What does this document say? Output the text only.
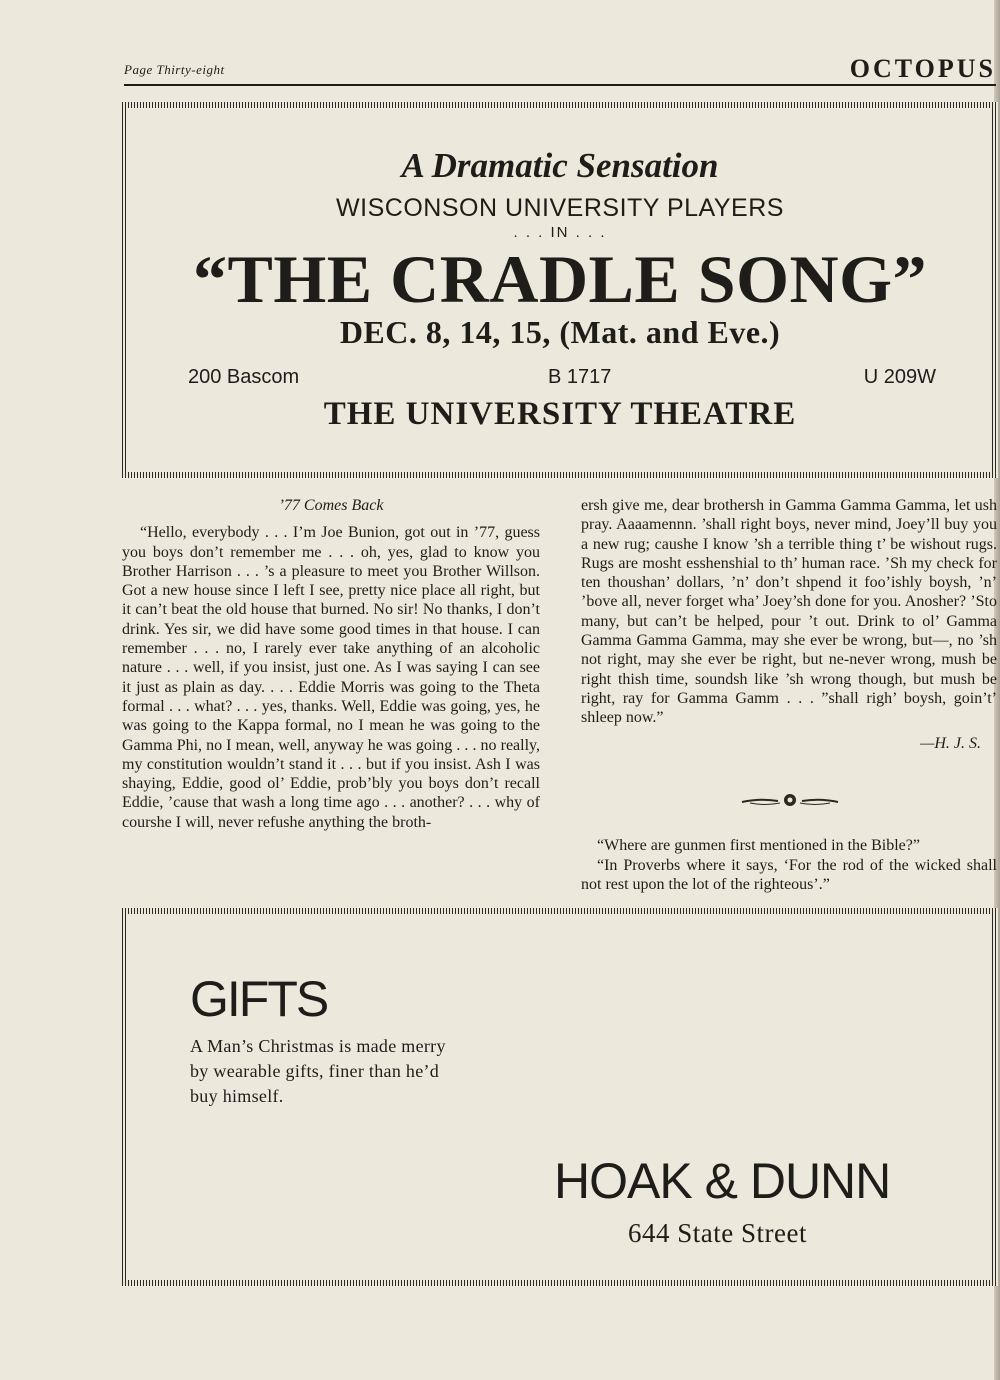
Page Thirty-eight	OCTOPUS
A Dramatic Sensation
WISCONSON UNIVERSITY PLAYERS
. . . IN . . .
“THE CRADLE SONG”
DEC. 8, 14, 15, (Mat. and Eve.)
200 Bascom	B 1717	U 209W
THE UNIVERSITY THEATRE

’77 Comes Back

“Hello, everybody . . . I’m Joe Bunion, got out in ’77, guess you boys don’t remember me . . . oh, yes, glad to know you Brother Harrison . . . ’s a pleasure to meet you Brother Willson. Got a new house since I left I see, pretty nice place all right, but it can’t beat the old house that burned. No sir! No thanks, I don’t drink. Yes sir, we did have some good times in that house. I can remember . . . no, I rarely ever take anything of an alcoholic nature . . . well, if you insist, just one. As I was saying I can see it just as plain as day. . . . Eddie Morris was going to the Theta formal . . . what? . . . yes, thanks. Well, Eddie was going, yes, he was going to the Kappa formal, no I mean he was going to the Gamma Phi, no I mean, well, anyway he was going . . . no really, my constitution wouldn’t stand it . . . but if you insist. Ash I was shaying, Eddie, good ol’ Eddie, prob’bly you boys don’t recall Eddie, ’cause that wash a long time ago . . . another? . . . why of courshe I will, never refushe anything the broth-

ersh give me, dear brothersh in Gamma Gamma Gamma, let ush pray. Aaaamennn. ’shall right boys, never mind, Joey’ll buy you a new rug; caushe I know ’sh a terrible thing t’ be wishout rugs. Rugs are mosht esshenshial to th’ human race. ’Sh my check for ten thoushan’ dollars, ’n’ don’t shpend it foo’ishly boysh, ’n’ ’bove all, never forget wha’ Joey’sh done for you. Anosher? ’Sto many, but can’t be helped, pour ’t out. Drink to ol’ Gamma Gamma Gamma Gamma, may she ever be wrong, but—, no ’sh not right, may she ever be right, but ne-never wrong, mush be right thish time, soundsh like ’sh wrong though, but mush be right, ray for Gamma Gamm . . . ”shall righ’ boysh, goin’t’ shleep now.”

—H. J. S.

“Where are gunmen first mentioned in the Bible?”

“In Proverbs where it says, ‘For the rod of the wicked shall not rest upon the lot of the righteous’.”

GIFTS
A Man’s Christmas is made merry by wearable gifts, finer than he’d buy himself.
HOAK & DUNN
644 State Street
